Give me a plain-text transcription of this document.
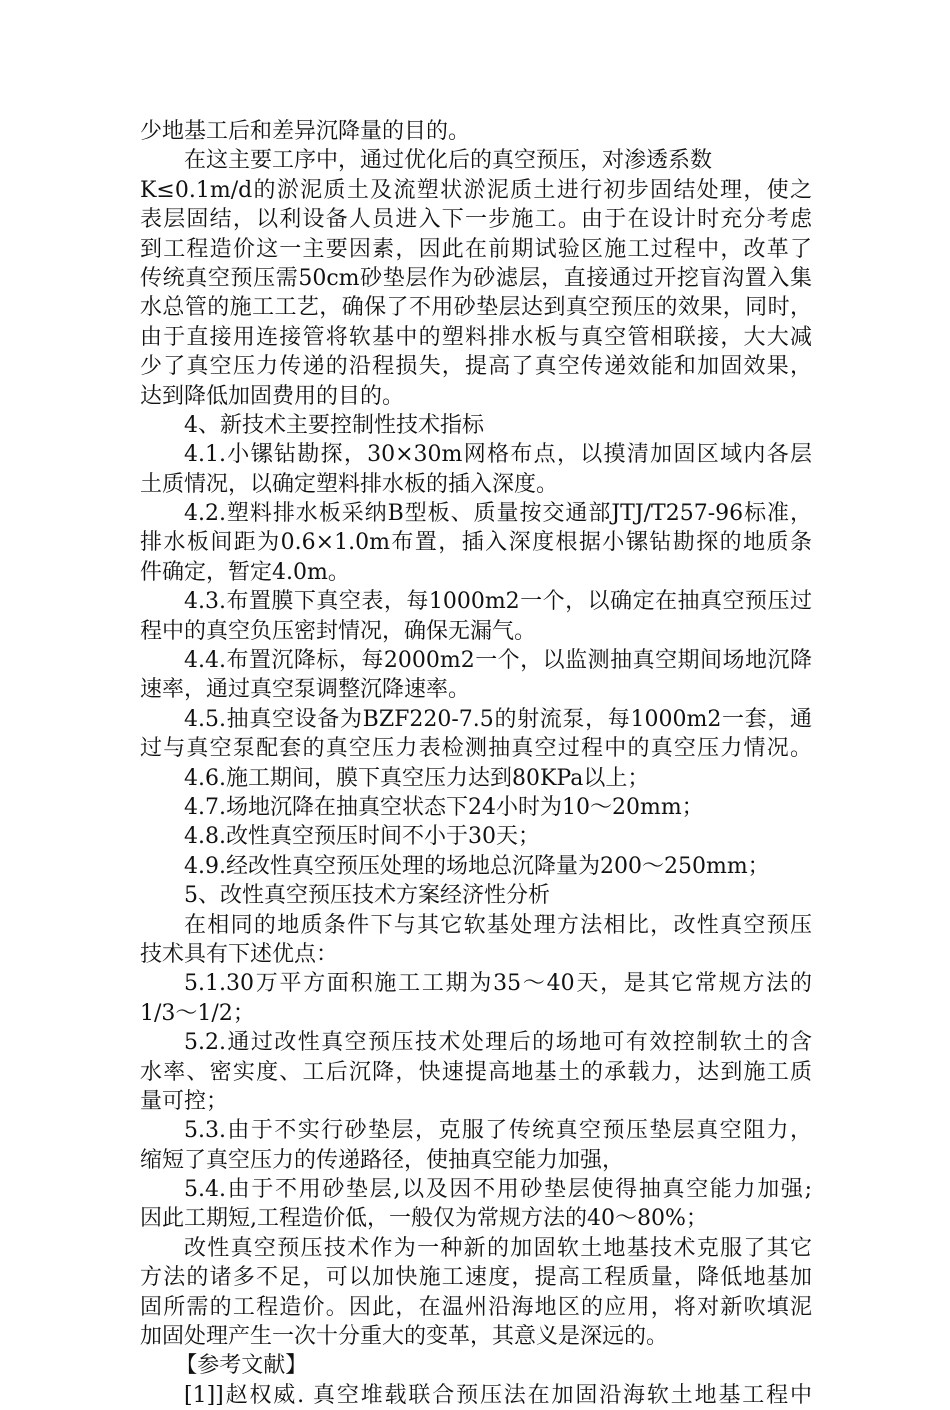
少地基工后和差异沉降量的目的。
在这主要工序中，通过优化后的真空预压，对渗透系数
K≤0.1m/d的淤泥质土及流塑状淤泥质土进行初步固结处理，使之
表层固结，以利设备人员进入下一步施工。由于在设计时充分考虑
到工程造价这一主要因素，因此在前期试验区施工过程中，改革了
传统真空预压需50cm砂垫层作为砂滤层，直接通过开挖盲沟置入集
水总管的施工工艺，确保了不用砂垫层达到真空预压的效果，同时，
由于直接用连接管将软基中的塑料排水板与真空管相联接，大大减
少了真空压力传递的沿程损失，提高了真空传递效能和加固效果，
达到降低加固费用的目的。
4、新技术主要控制性技术指标
4.1.小镙钻勘探，30×30m网格布点，以摸清加固区域内各层
土质情况，以确定塑料排水板的插入深度。
4.2.塑料排水板采纳B型板、质量按交通部JTJ/T257-96标准，
排水板间距为0.6×1.0m布置，插入深度根据小镙钻勘探的地质条
件确定，暂定4.0m。
4.3.布置膜下真空表，每1000m2一个，以确定在抽真空预压过
程中的真空负压密封情况，确保无漏气。
4.4.布置沉降标，每2000m2一个，以监测抽真空期间场地沉降
速率，通过真空泵调整沉降速率。
4.5.抽真空设备为BZF220-7.5的射流泵，每1000m2一套，通
过与真空泵配套的真空压力表检测抽真空过程中的真空压力情况。
4.6.施工期间，膜下真空压力达到80KPa以上；
4.7.场地沉降在抽真空状态下24小时为10～20mm；
4.8.改性真空预压时间不小于30天；
4.9.经改性真空预压处理的场地总沉降量为200～250mm；
5、改性真空预压技术方案经济性分析
在相同的地质条件下与其它软基处理方法相比，改性真空预压
技术具有下述优点：
5.1.30万平方面积施工工期为35～40天，是其它常规方法的
1/3～1/2；
5.2.通过改性真空预压技术处理后的场地可有效控制软土的含
水率、密实度、工后沉降，快速提高地基土的承载力，达到施工质
量可控；
5.3.由于不实行砂垫层，克服了传统真空预压垫层真空阻力，
缩短了真空压力的传递路径，使抽真空能力加强，
5.4.由于不用砂垫层,以及因不用砂垫层使得抽真空能力加强;
因此工期短,工程造价低，一般仅为常规方法的40～80%；
改性真空预压技术作为一种新的加固软土地基技术克服了其它
方法的诸多不足，可以加快施工速度，提高工程质量，降低地基加
固所需的工程造价。因此，在温州沿海地区的应用，将对新吹填泥
加固处理产生一次十分重大的变革，其意义是深远的。
【参考文献】
[1]]赵权威. 真空堆载联合预压法在加固沿海软土地基工程中
